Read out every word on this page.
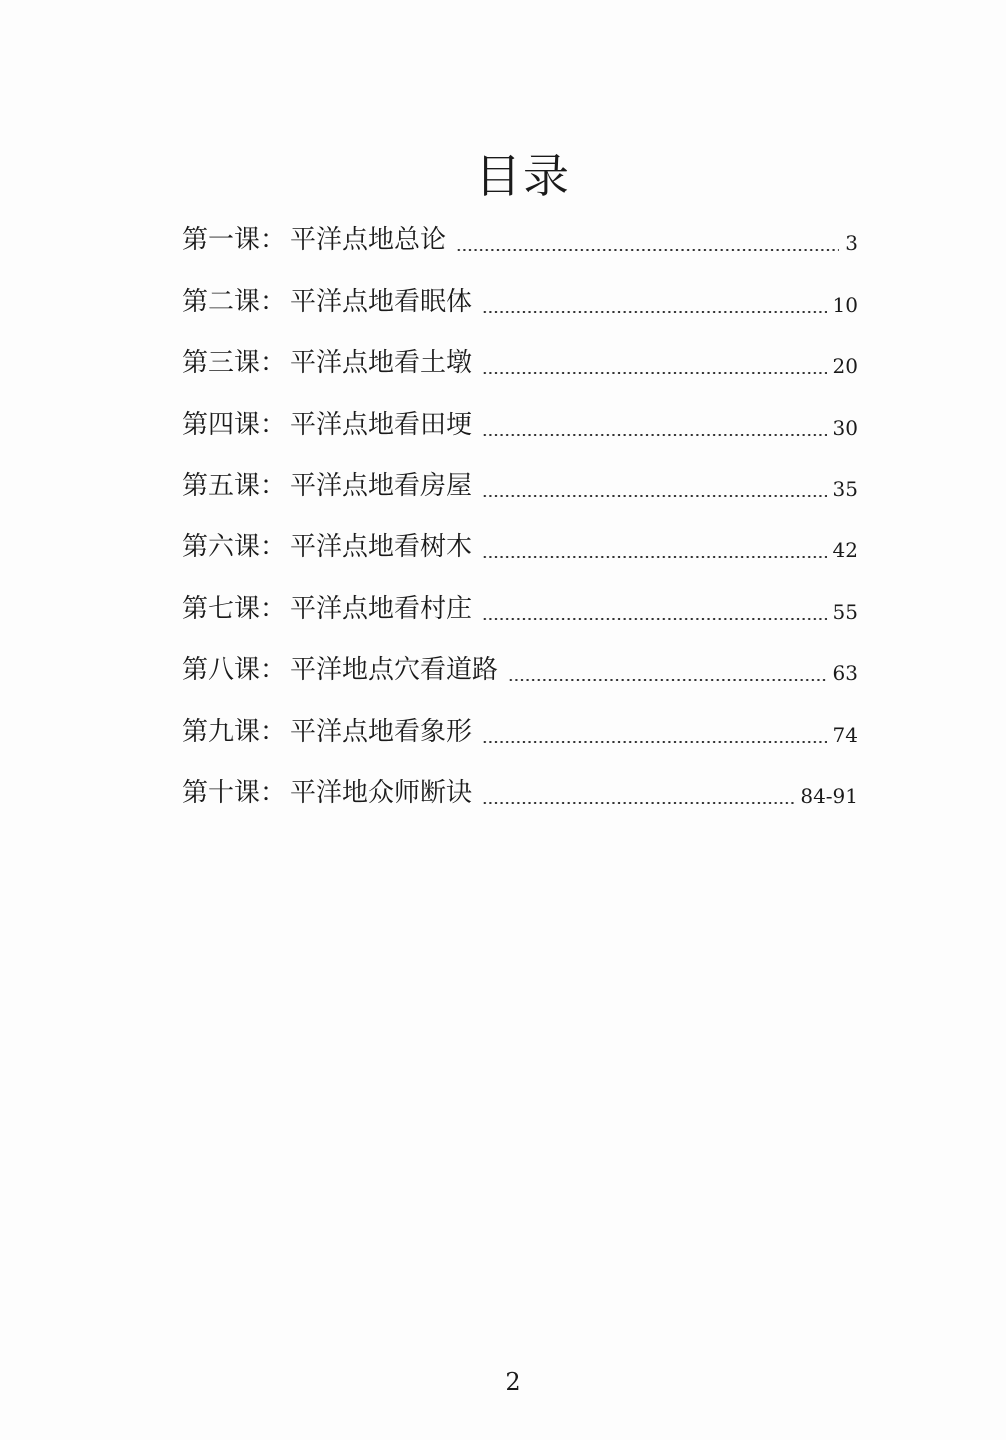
目录
第一课 ： 平洋点地总论	3
第二课 ： 平洋点地看眠体	10
第三课 ： 平洋点地看土墩	20
第四课 ： 平洋点地看田埂	30
第五课 ： 平洋点地看房屋	35
第六课 ： 平洋点地看树木	42
第七课 ： 平洋点地看村庄	55
第八课 ： 平洋地点穴看道路	63
第九课 ： 平洋点地看象形	74
第十课 ： 平洋地众师断诀	84-91
2
